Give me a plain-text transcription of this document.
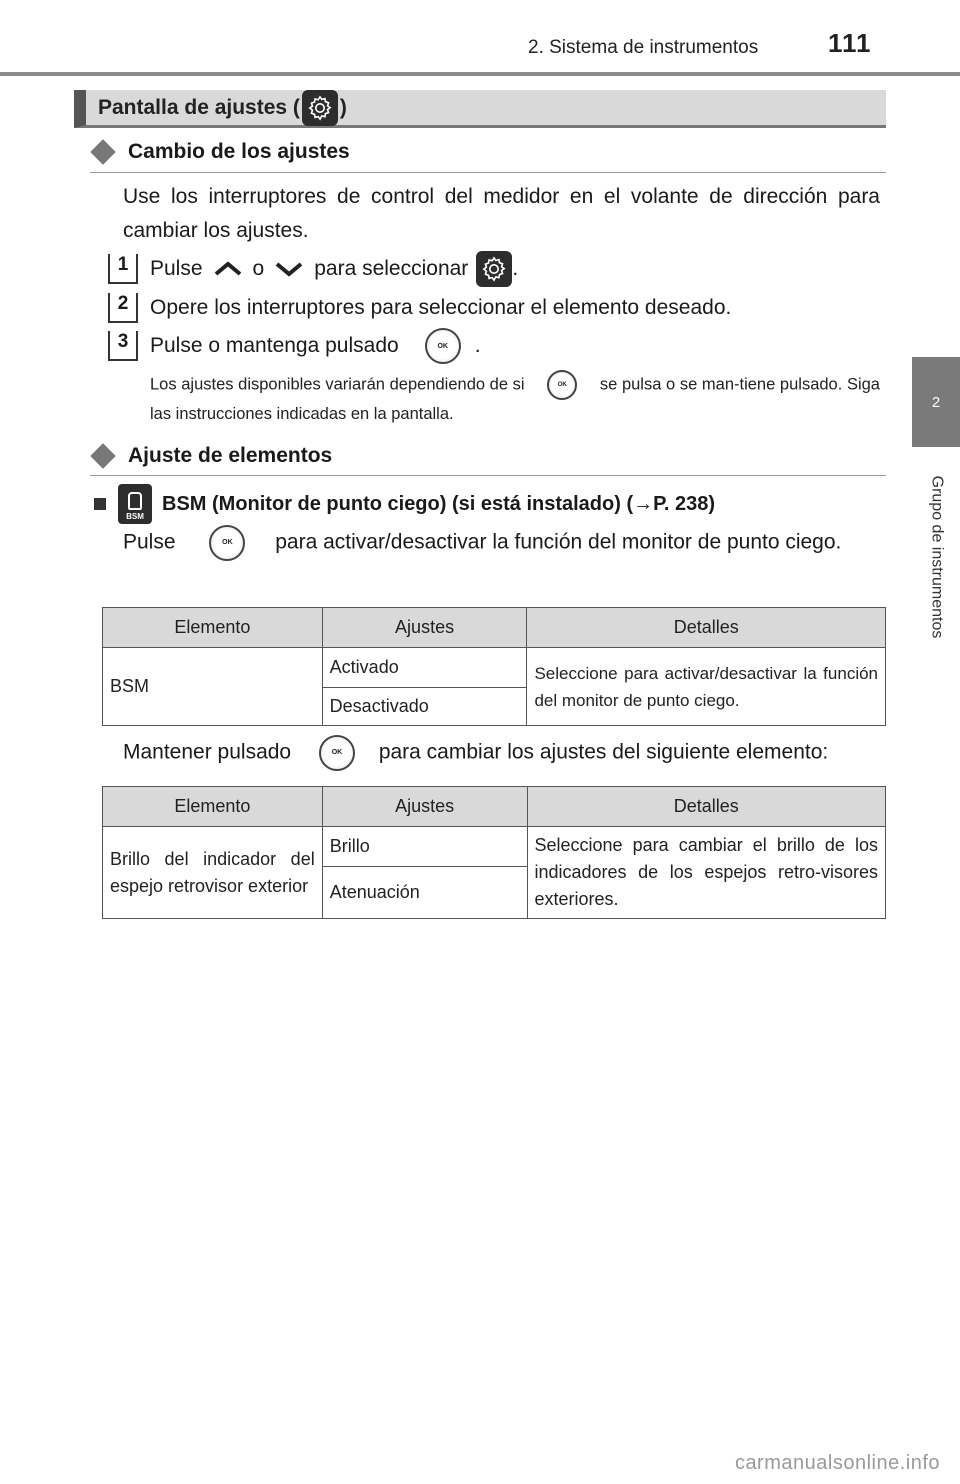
2. Sistema de instrumentos	111
2
Grupo de instrumentos
Pantalla de ajustes ( )
Cambio de los ajustes
Use los interruptores de control del medidor en el volante de dirección para cambiar los ajustes.
1	Pulse o para seleccionar .
2	Opere los interruptores para seleccionar el elemento deseado.
3	Pulse o mantenga pulsado	OK .
Los ajustes disponibles variarán dependiendo de si	OK se pulsa o se man-tiene pulsado. Siga las instrucciones indicadas en la pantalla.
Ajuste de elementos
BSM
BSM (Monitor de punto ciego) (si está instalado) (→P. 238)
Pulse	OK para activar/desactivar la función del monitor de punto ciego.
Elemento	Ajustes	Detalles
BSM	Activado	Seleccione para activar/desactivar la función del monitor de punto ciego.
	Desactivado	
Mantener pulsado	OK para cambiar los ajustes del siguiente elemento:
Elemento	Ajustes	Detalles
Brillo del indicador del espejo retrovisor exterior	Brillo	Seleccione para cambiar el brillo de los indicadores de los espejos retro-visores exteriores.
	Atenuación	
carmanualsonline.info
